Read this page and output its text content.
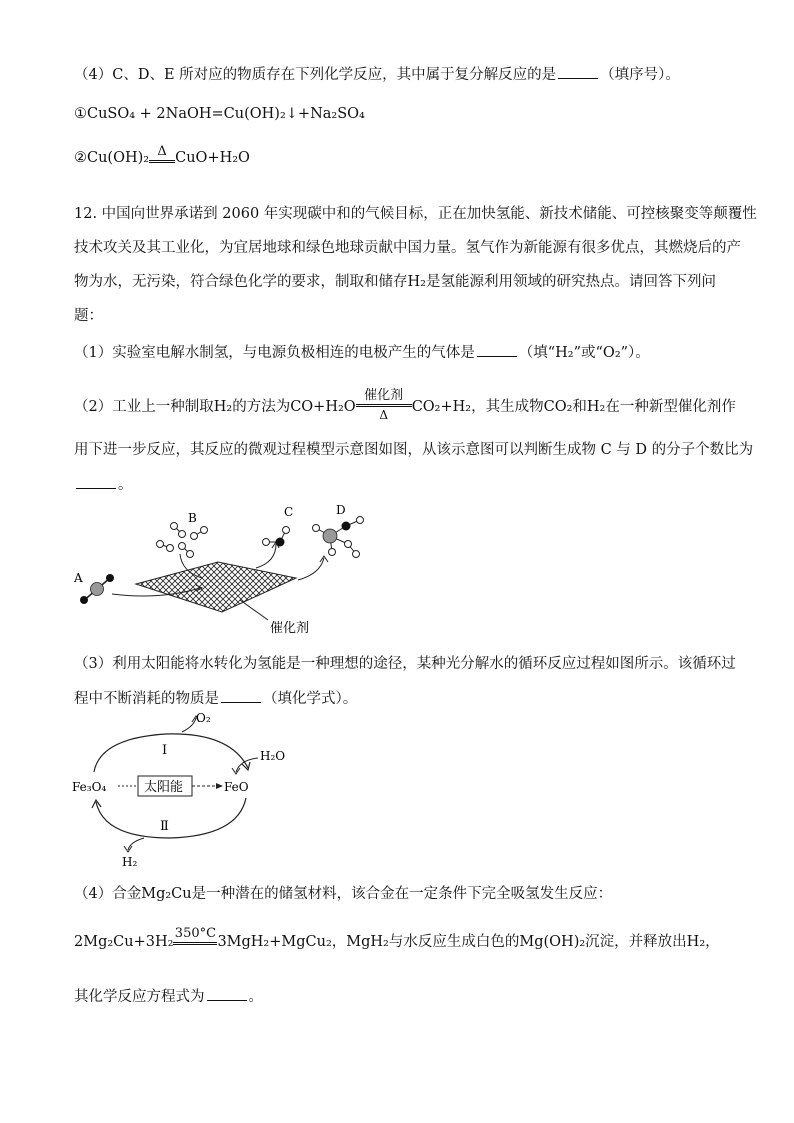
（4）C、D、E 所对应的物质存在下列化学反应，其中属于复分解反应的是	（填序号）。
①CuSO₄ + 2NaOH=Cu(OH)₂↓+Na₂SO₄
②Cu(OH)₂ Δ CuO+H₂O
12. 中国向世界承诺到 2060 年实现碳中和的气候目标，正在加快氢能、新技术储能、可控核聚变等颠覆性
技术攻关及其工业化，为宜居地球和绿色地球贡献中国力量。氢气作为新能源有很多优点，其燃烧后的产
物为水，无污染，符合绿色化学的要求，制取和储存H₂是氢能源利用领域的研究热点。请回答下列问
题：
（1）实验室电解水制氢，与电源负极相连的电极产生的气体是	（填“H₂”或“O₂”）。
（2）工业上一种制取H₂的方法为$CO+H_2O \frac{\text{催化剂}}{\Delta} CO_2+H_2$，其生成物CO₂和H₂在一种新型催化剂作
用下进一步反应，其反应的微观过程模型示意图如图，从该示意图可以判断生成物 C 与 D 的分子个数比为
。
催化剂
A
B	C	D
（3）利用太阳能将水转化为氢能是一种理想的途径，某种光分解水的循环反应过程如图所示。该循环过
程中不断消耗的物质是	（填化学式）。
Ⅰ
O₂
H₂O
Fe₃O₄	太阳能	FeO
Ⅱ
H₂
（4）合金Mg₂Cu是一种潜在的储氢材料，该合金在一定条件下完全吸氢发生反应：
2Mg₂Cu+3H₂
350°C
3MgH₂+MgCu₂，MgH₂与水反应生成白色的Mg(OH)₂沉淀，并释放出H₂，
其化学反应方程式为	。
